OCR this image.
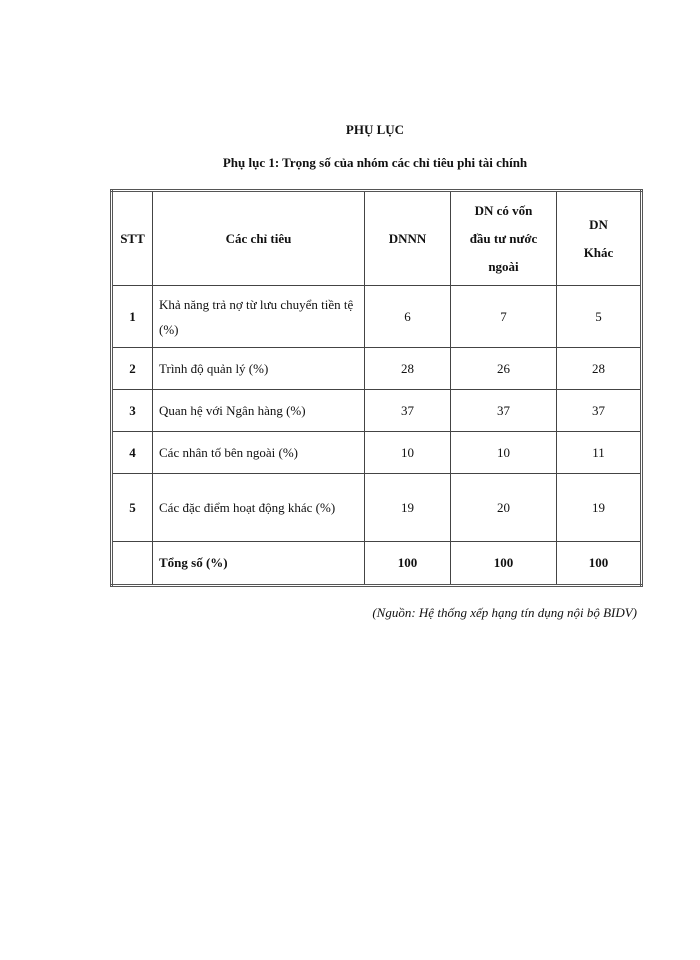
PHỤ LỤC
Phụ lục 1: Trọng số của nhóm các chỉ tiêu phi tài chính
STT	Các chỉ tiêu	DNNN	DN có vốn đầu tư nước ngoài	DN Khác
1	Khả năng trả nợ từ lưu chuyển tiền tệ (%)	6	7	5
2	Trình độ quản lý (%)	28	26	28
3	Quan hệ với Ngân hàng (%)	37	37	37
4	Các nhân tố bên ngoài (%)	10	10	11
5	Các đặc điểm hoạt động khác (%)	19	20	19
	Tổng số (%)	100	100	100
(Nguồn: Hệ thống xếp hạng tín dụng nội bộ BIDV)
